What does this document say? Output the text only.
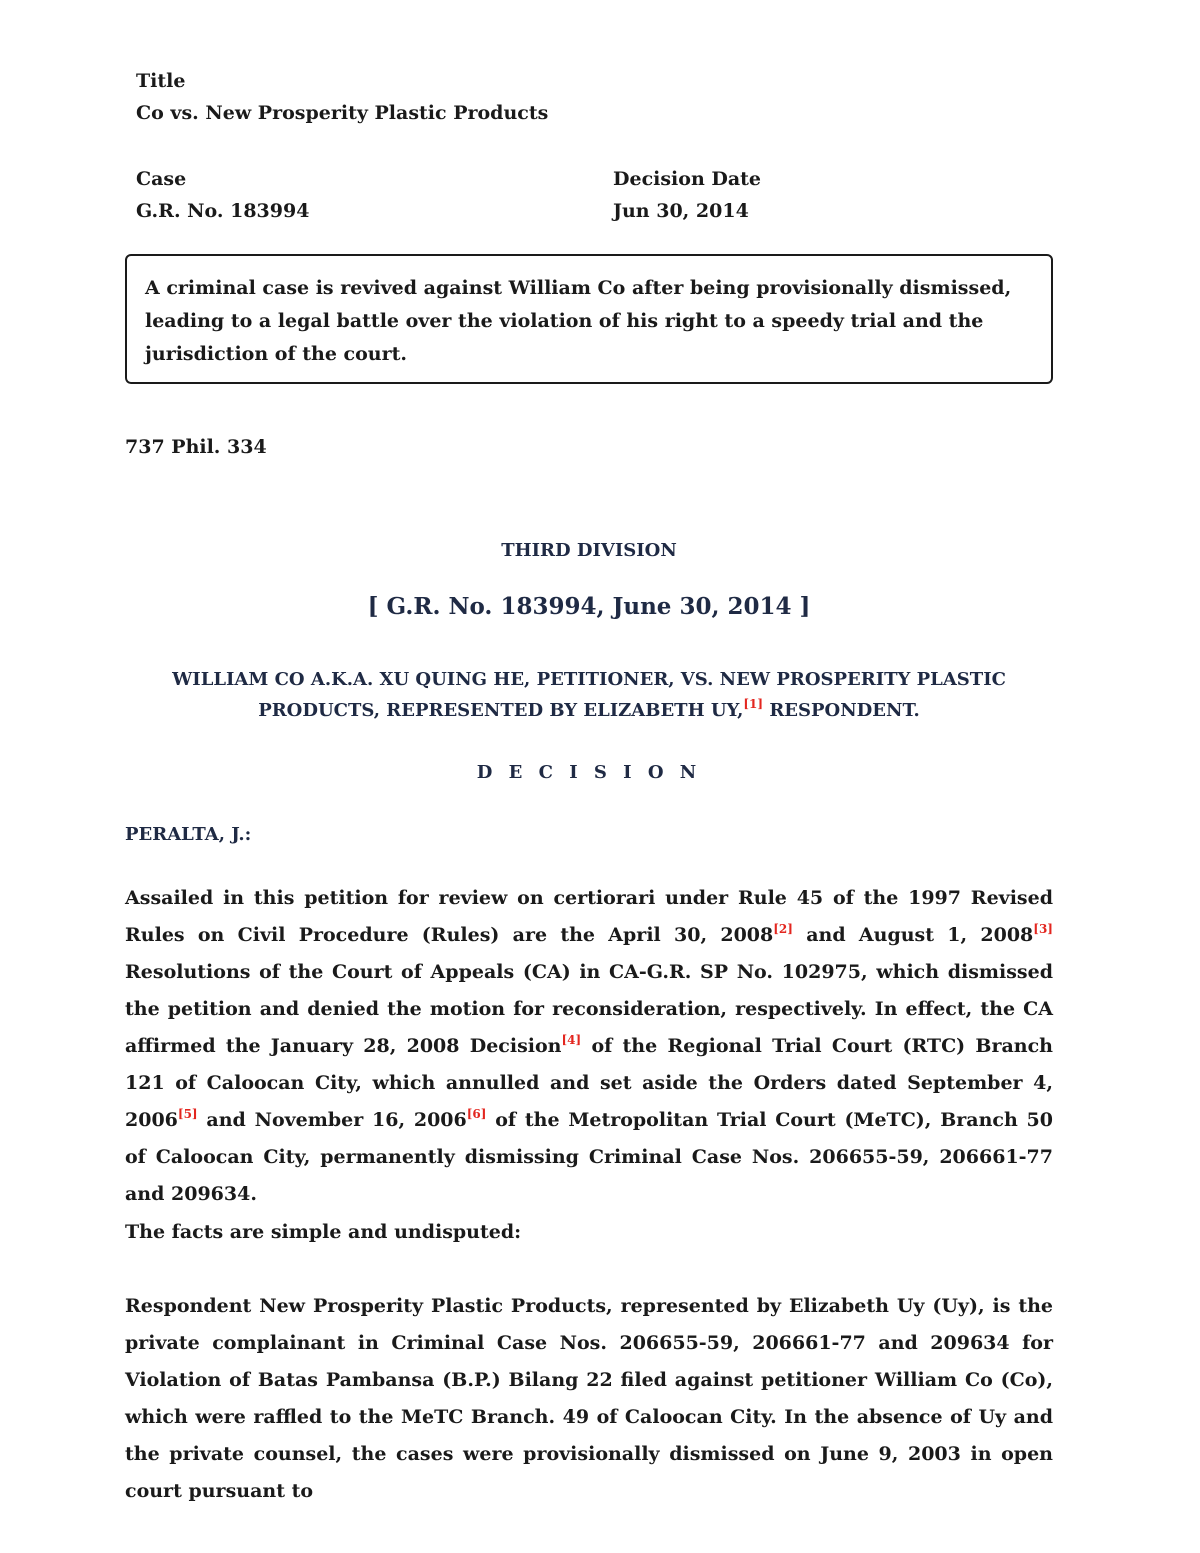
Title
Co vs. New Prosperity Plastic Products
Case
G.R. No. 183994
Decision Date
Jun 30, 2014

A criminal case is revived against William Co after being provisionally dismissed, leading to a legal battle over the violation of his right to a speedy trial and the jurisdiction of the court.

737 Phil. 334
THIRD DIVISION
[ G.R. No. 183994, June 30, 2014 ]
WILLIAM CO A.K.A. XU QUING HE, PETITIONER, VS. NEW PROSPERITY PLASTIC PRODUCTS, REPRESENTED BY ELIZABETH UY,[1] RESPONDENT.
D E C I S I O N
PERALTA, J.:

Assailed in this petition for review on certiorari under Rule 45 of the 1997 Revised Rules on Civil Procedure (Rules) are the April 30, 2008[2] and August 1, 2008[3] Resolutions of the Court of Appeals (CA) in CA-G.R. SP No. 102975, which dismissed the petition and denied the motion for reconsideration, respectively. In effect, the CA affirmed the January 28, 2008 Decision[4] of the Regional Trial Court (RTC) Branch 121 of Caloocan City, which annulled and set aside the Orders dated September 4, 2006[5] and November 16, 2006[6] of the Metropolitan Trial Court (MeTC), Branch 50 of Caloocan City, permanently dismissing Criminal Case Nos. 206655-59, 206661-77 and 209634.

The facts are simple and undisputed:

Respondent New Prosperity Plastic Products, represented by Elizabeth Uy (Uy), is the private complainant in Criminal Case Nos. 206655-59, 206661-77 and 209634 for Violation of Batas Pambansa (B.P.) Bilang 22 filed against petitioner William Co (Co), which were raffled to the MeTC Branch. 49 of Caloocan City. In the absence of Uy and the private counsel, the cases were provisionally dismissed on June 9, 2003 in open court pursuant to
